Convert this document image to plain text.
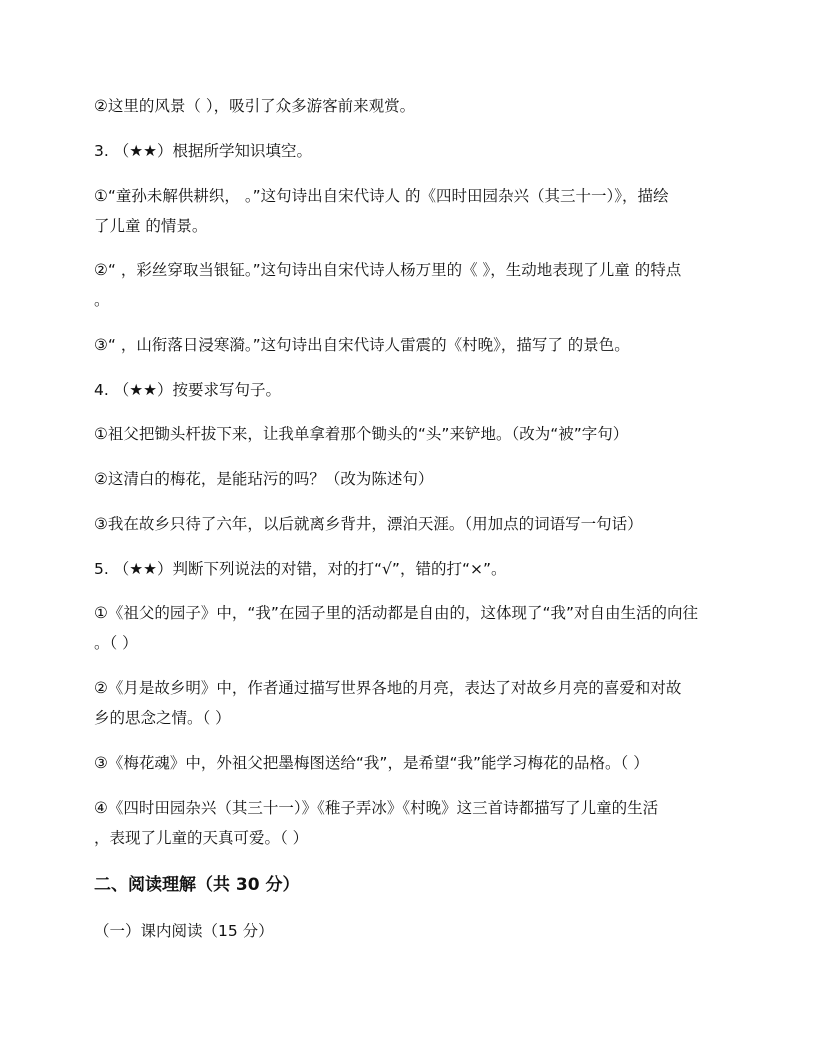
②这里的风景（ ），吸引了众多游客前来观赏。
3. （★★）根据所学知识填空。
①“童孙未解供耕织， 。”这句诗出自宋代诗人 的《四时田园杂兴（其三十一）》，描绘
了儿童 的情景。
②“ ，彩丝穿取当银钲。”这句诗出自宋代诗人杨万里的《 》，生动地表现了儿童 的特点
。
③“ ，山衔落日浸寒漪。”这句诗出自宋代诗人雷震的《村晚》，描写了 的景色。
4. （★★）按要求写句子。
①祖父把锄头杆拔下来，让我单拿着那个锄头的“头”来铲地。（改为“被”字句）
②这清白的梅花，是能玷污的吗？（改为陈述句）
③我在故乡只待了六年，以后就离乡背井，漂泊天涯。（用加点的词语写一句话）
5. （★★）判断下列说法的对错，对的打“√”，错的打“×”。
①《祖父的园子》中，“我”在园子里的活动都是自由的，这体现了“我”对自由生活的向往
。（ ）
②《月是故乡明》中，作者通过描写世界各地的月亮，表达了对故乡月亮的喜爱和对故
乡的思念之情。（ ）
③《梅花魂》中，外祖父把墨梅图送给“我”，是希望“我”能学习梅花的品格。（ ）
④《四时田园杂兴（其三十一）》《稚子弄冰》《村晚》这三首诗都描写了儿童的生活
，表现了儿童的天真可爱。（ ）
二、阅读理解（共 30 分）
（一）课内阅读（15 分）
